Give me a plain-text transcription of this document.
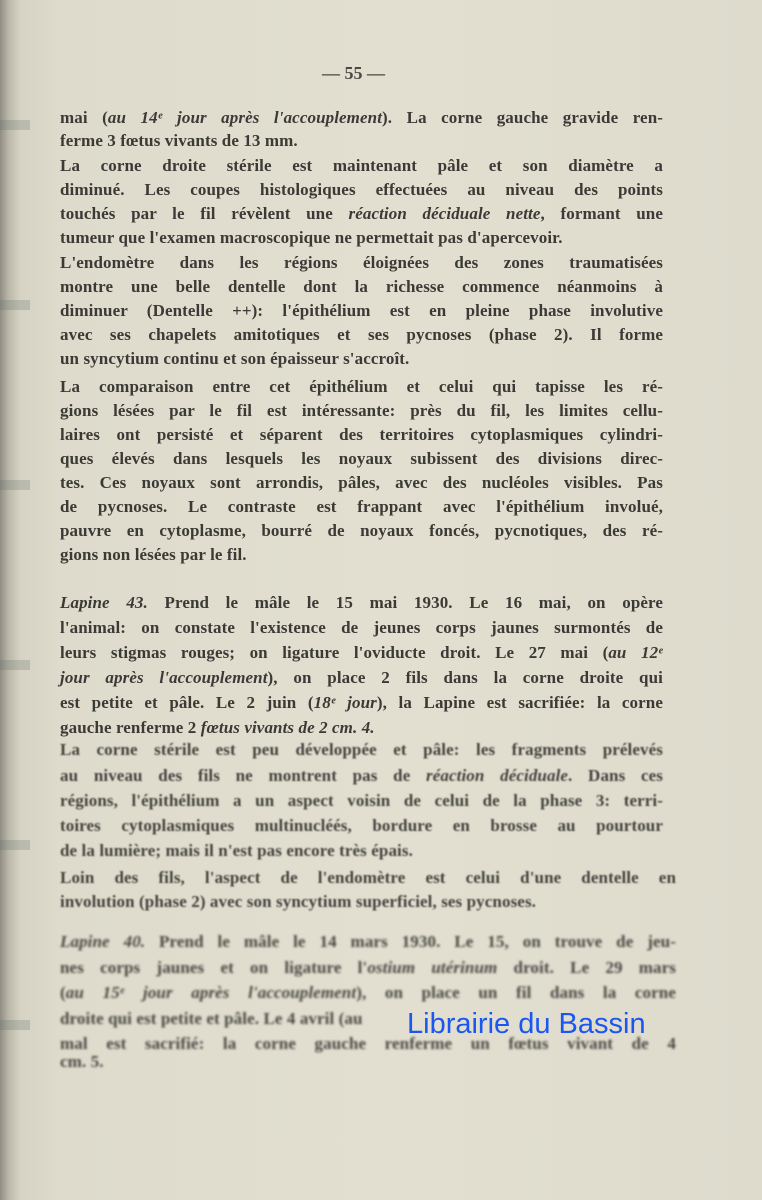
— 55 —
mai (au 14ᵉ jour après l'accouplement). La corne gauche gravide ren-
ferme 3 fœtus vivants de 13 mm.
La corne droite stérile est maintenant pâle et son diamètre a
diminué. Les coupes histologiques effectuées au niveau des points
touchés par le fil révèlent une réaction déciduale nette, formant une
tumeur que l'examen macroscopique ne permettait pas d'apercevoir.
L'endomètre dans les régions éloignées des zones traumatisées
montre une belle dentelle dont la richesse commence néanmoins à
diminuer (Dentelle ++): l'épithélium est en pleine phase involutive
avec ses chapelets amitotiques et ses pycnoses (phase 2). Il forme
un syncytium continu et son épaisseur s'accroît.
La comparaison entre cet épithélium et celui qui tapisse les ré-
gions lésées par le fil est intéressante: près du fil, les limites cellu-
laires ont persisté et séparent des territoires cytoplasmiques cylindri-
ques élevés dans lesquels les noyaux subissent des divisions direc-
tes. Ces noyaux sont arrondis, pâles, avec des nucléoles visibles. Pas
de pycnoses. Le contraste est frappant avec l'épithélium involué,
pauvre en cytoplasme, bourré de noyaux foncés, pycnotiques, des ré-
gions non lésées par le fil.
Lapine 43. Prend le mâle le 15 mai 1930. Le 16 mai, on opère
l'animal: on constate l'existence de jeunes corps jaunes surmontés de
leurs stigmas rouges; on ligature l'oviducte droit. Le 27 mai (au 12ᵉ
jour après l'accouplement), on place 2 fils dans la corne droite qui
est petite et pâle. Le 2 juin (18ᵉ jour), la Lapine est sacrifiée: la corne
gauche renferme 2 fœtus vivants de 2 cm. 4.
La corne stérile est peu développée et pâle: les fragments prélevés
au niveau des fils ne montrent pas de réaction déciduale. Dans ces
régions, l'épithélium a un aspect voisin de celui de la phase 3: terri-
toires cytoplasmiques multinucléés, bordure en brosse au pourtour
de la lumière; mais il n'est pas encore très épais.
Loin des fils, l'aspect de l'endomètre est celui d'une dentelle en
involution (phase 2) avec son syncytium superficiel, ses pycnoses.
Lapine 40. Prend le mâle le 14 mars 1930. Le 15, on trouve de jeu-
nes corps jaunes et on ligature l'ostium utérinum droit. Le 29 mars
(au 15ᵉ jour après l'accouplement), on place un fil dans la corne
droite qui est petite et pâle. Le 4 avril (au
mal est sacrifié: la corne gauche renferme un fœtus vivant de 4
cm. 5.
Librairie du Bassin
